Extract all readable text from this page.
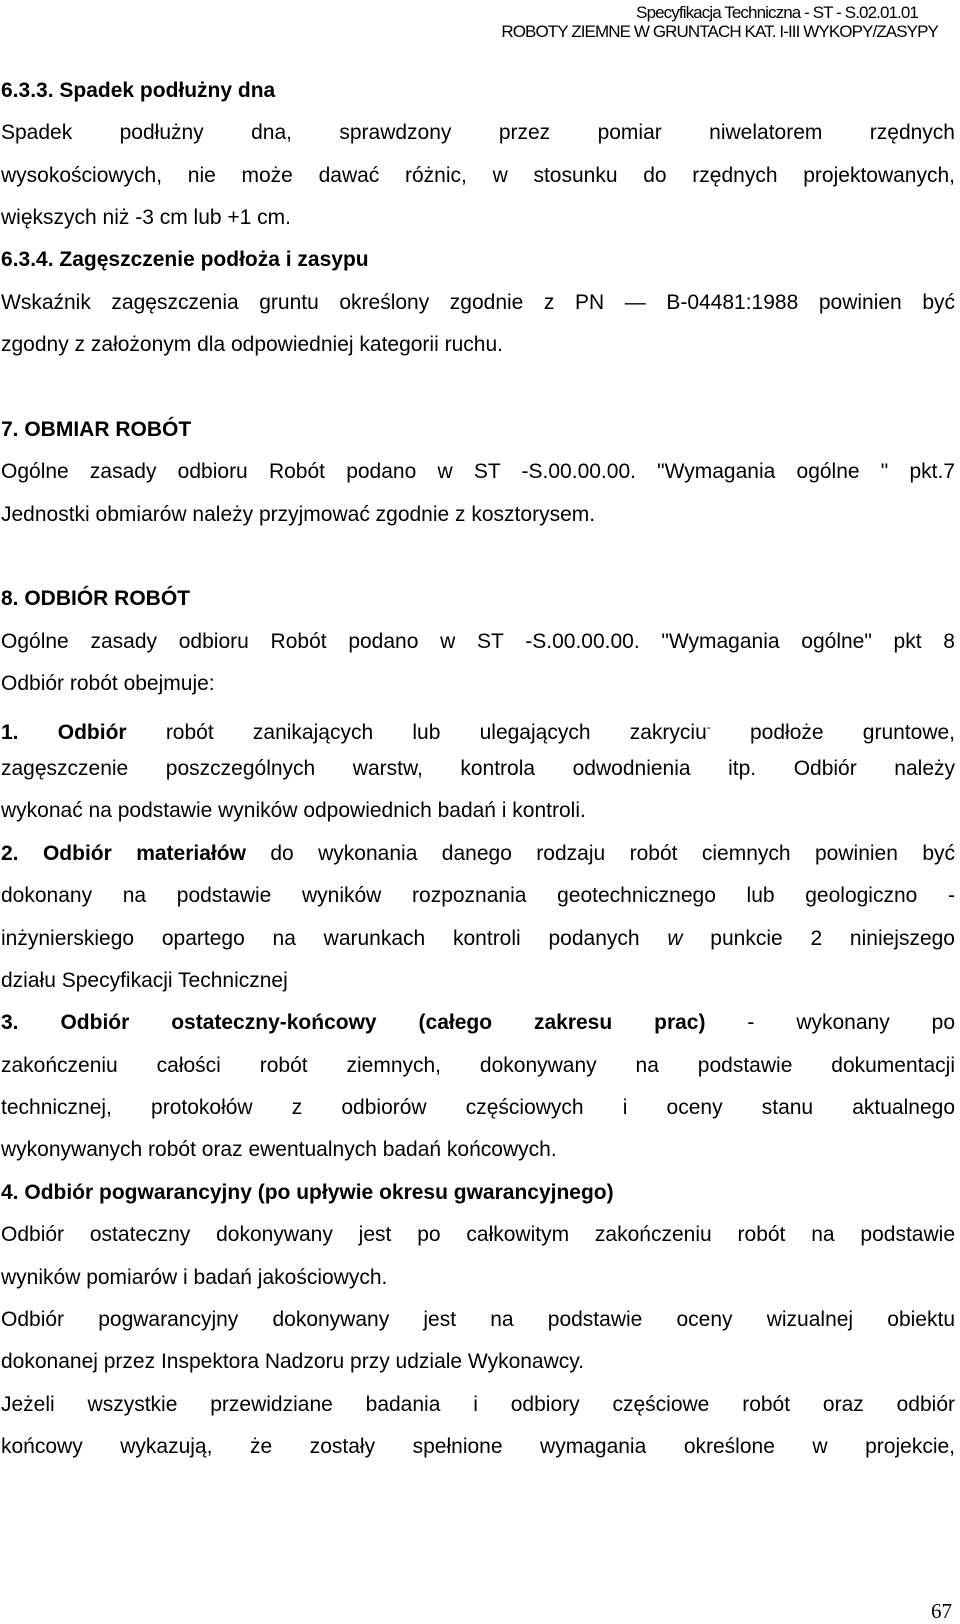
Specyfikacja Techniczna - ST - S.02.01.01
ROBOTY ZIEMNE W GRUNTACH KAT. I-III WYKOPY/ZASYPY
6.3.3. Spadek podłużny dna
Spadek podłużny dna, sprawdzony przez pomiar niwelatorem rzędnych
wysokościowych, nie może dawać różnic, w stosunku do rzędnych projektowanych,
większych niż -3 cm lub +1 cm.
6.3.4. Zagęszczenie podłoża i zasypu
Wskaźnik zagęszczenia gruntu określony zgodnie z PN — B-04481:1988 powinien być
zgodny z założonym dla odpowiedniej kategorii ruchu.
7. OBMIAR ROBÓT
Ogólne zasady odbioru Robót podano w ST -S.00.00.00. "Wymagania ogólne " pkt.7
Jednostki obmiarów należy przyjmować zgodnie z kosztorysem.
8. ODBIÓR ROBÓT
Ogólne zasady odbioru Robót podano w ST -S.00.00.00. "Wymagania ogólne" pkt 8
Odbiór robót obejmuje:
1. Odbiór robót zanikających lub ulegających zakryciu- podłoże gruntowe,
zagęszczenie poszczególnych warstw, kontrola odwodnienia itp. Odbiór należy
wykonać na podstawie wyników odpowiednich badań i kontroli.
2. Odbiór materiałów do wykonania danego rodzaju robót ciemnych powinien być
dokonany na podstawie wyników rozpoznania geotechnicznego lub geologiczno -
inżynierskiego opartego na warunkach kontroli podanych w punkcie 2 niniejszego
działu Specyfikacji Technicznej
3. Odbiór ostateczny-końcowy (całego zakresu prac) - wykonany po
zakończeniu całości robót ziemnych, dokonywany na podstawie dokumentacji
technicznej, protokołów z odbiorów częściowych i oceny stanu aktualnego
wykonywanych robót oraz ewentualnych badań końcowych.
4. Odbiór pogwarancyjny (po upływie okresu gwarancyjnego)
Odbiór ostateczny dokonywany jest po całkowitym zakończeniu robót na podstawie
wyników pomiarów i badań jakościowych.
Odbiór pogwarancyjny dokonywany jest na podstawie oceny wizualnej obiektu
dokonanej przez Inspektora Nadzoru przy udziale Wykonawcy.
Jeżeli wszystkie przewidziane badania i odbiory częściowe robót oraz odbiór
końcowy wykazują, że zostały spełnione wymagania określone w projekcie,
67
